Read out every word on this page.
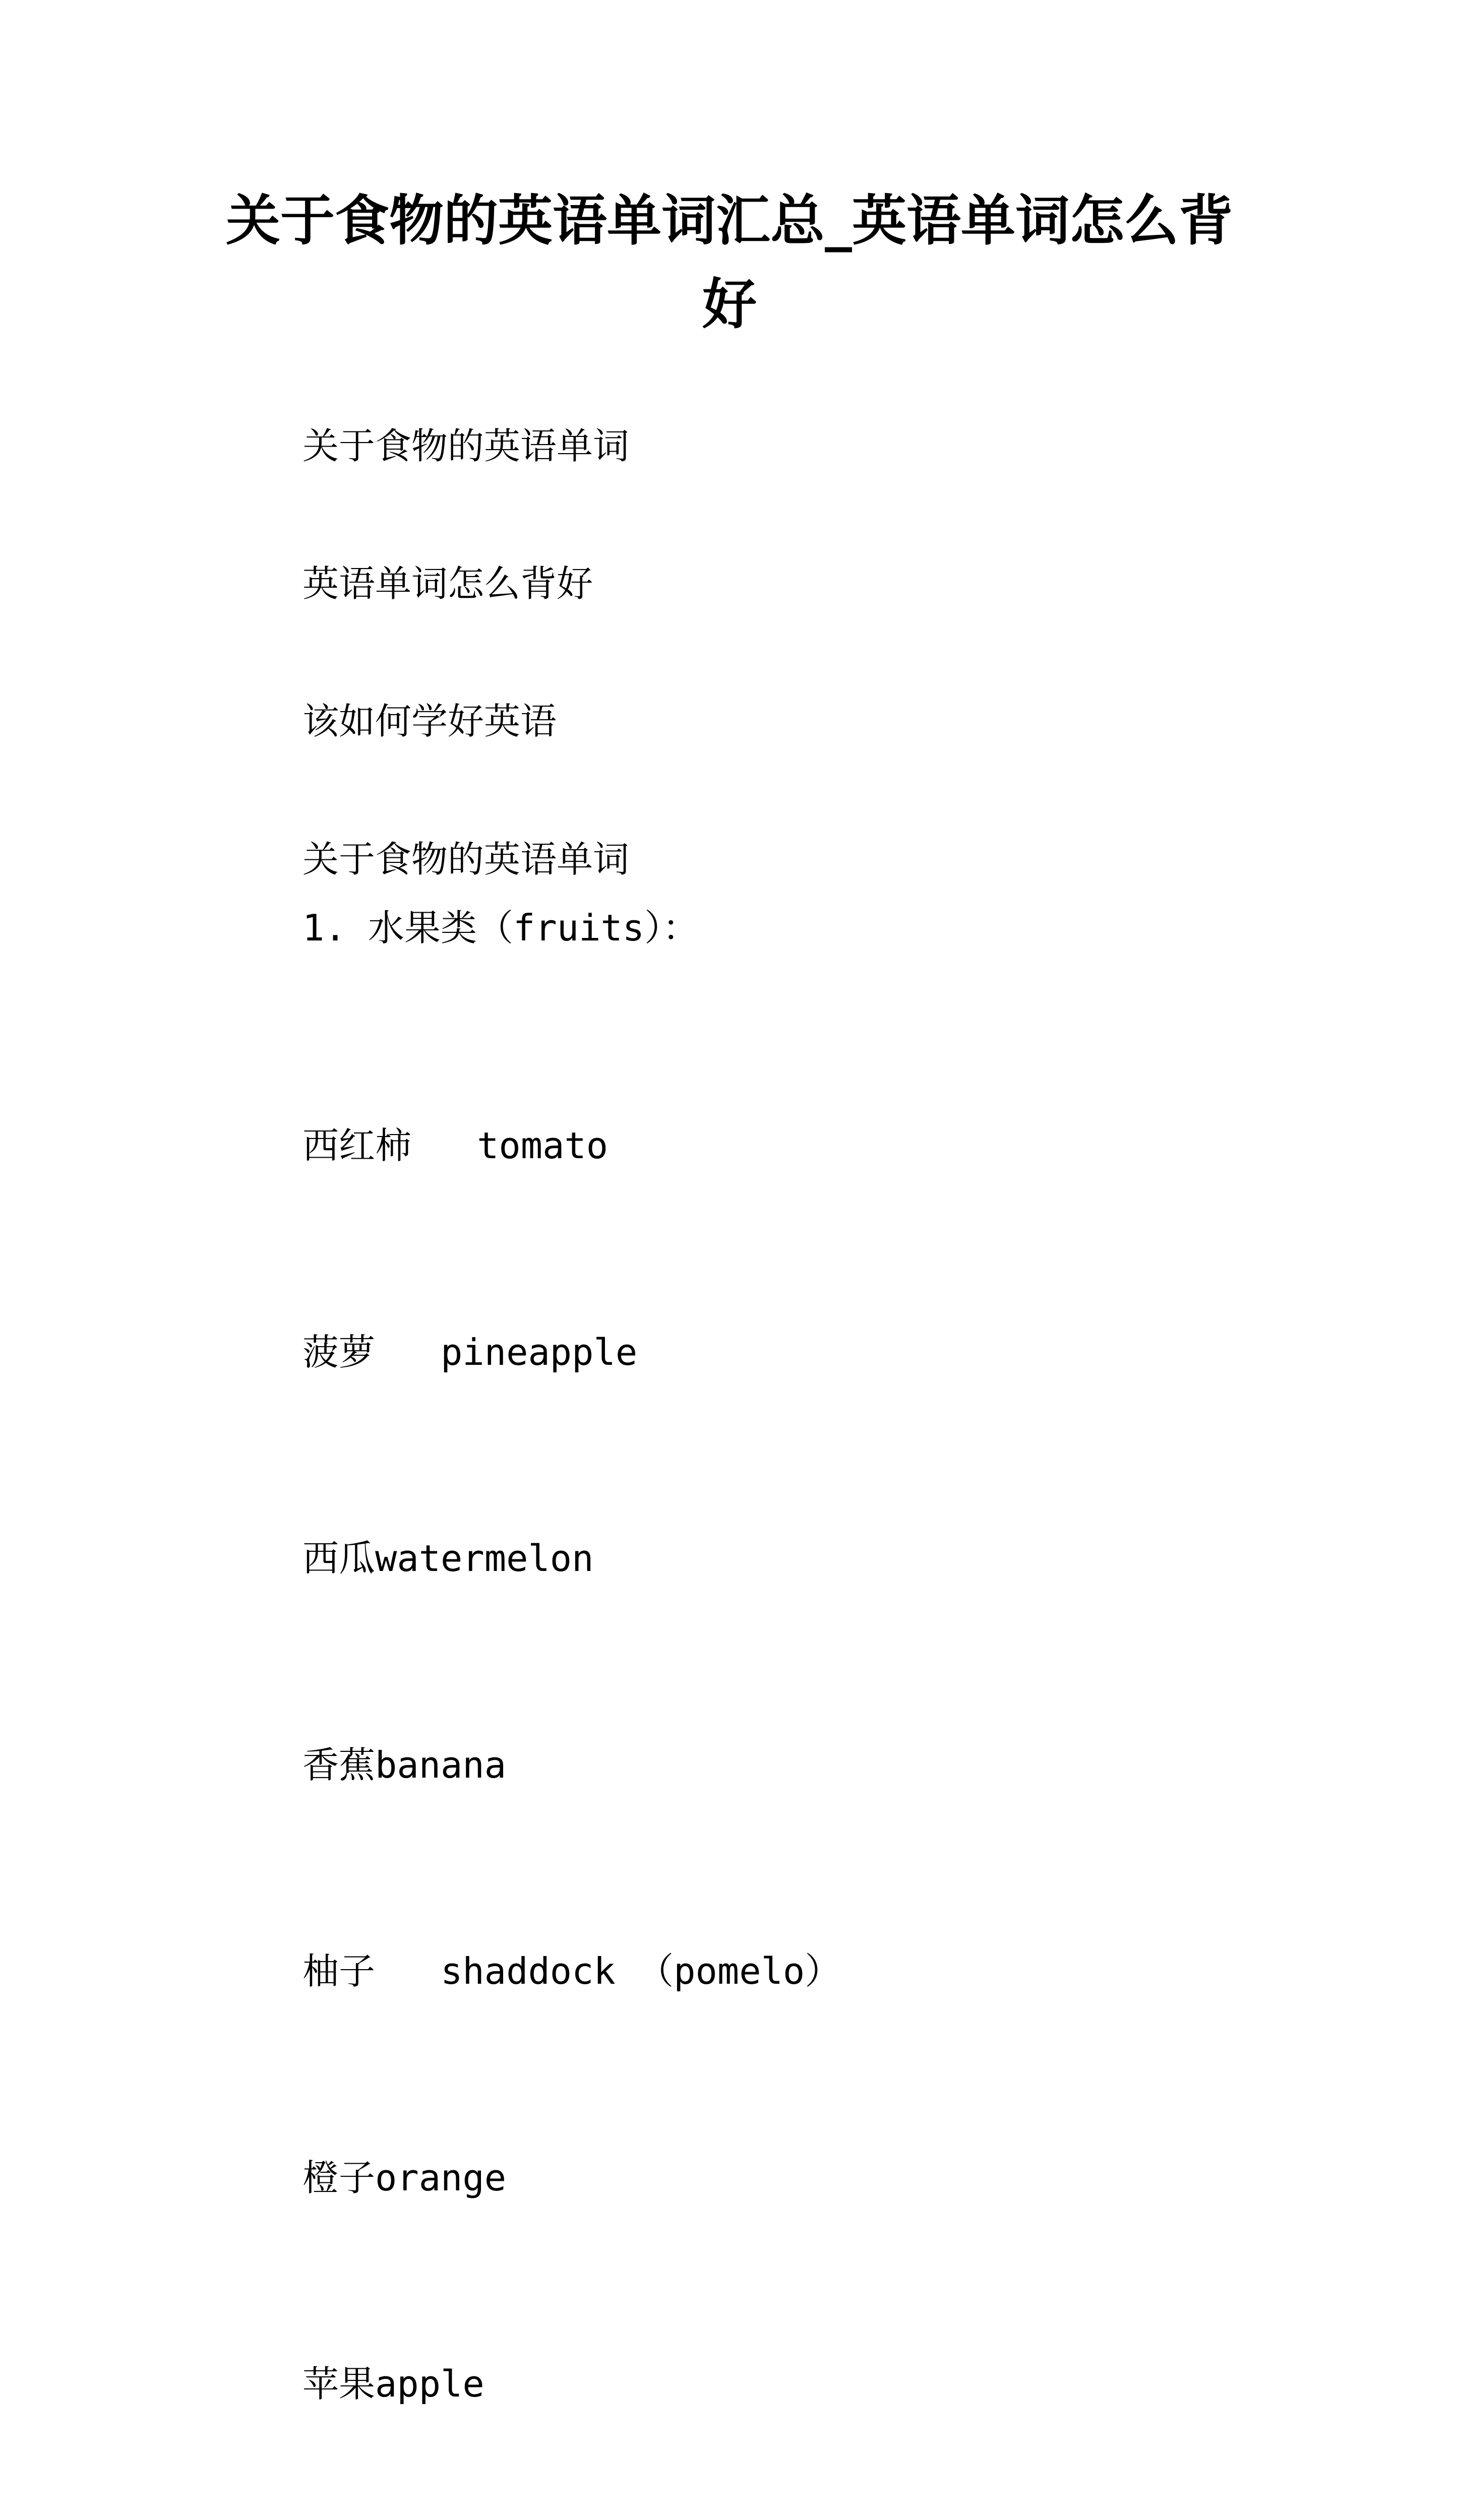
关于食物的英语单词汇总_英语单词怎么背好

关于食物的英语单词

英语单词怎么背好

该如何学好英语

关于食物的英语单词

1. 水果类（fruits）：

西红柿 tomato

菠萝 pineapple

西瓜watermelon

香蕉banana

柚子 shaddock （pomelo）

橙子orange

苹果apple
